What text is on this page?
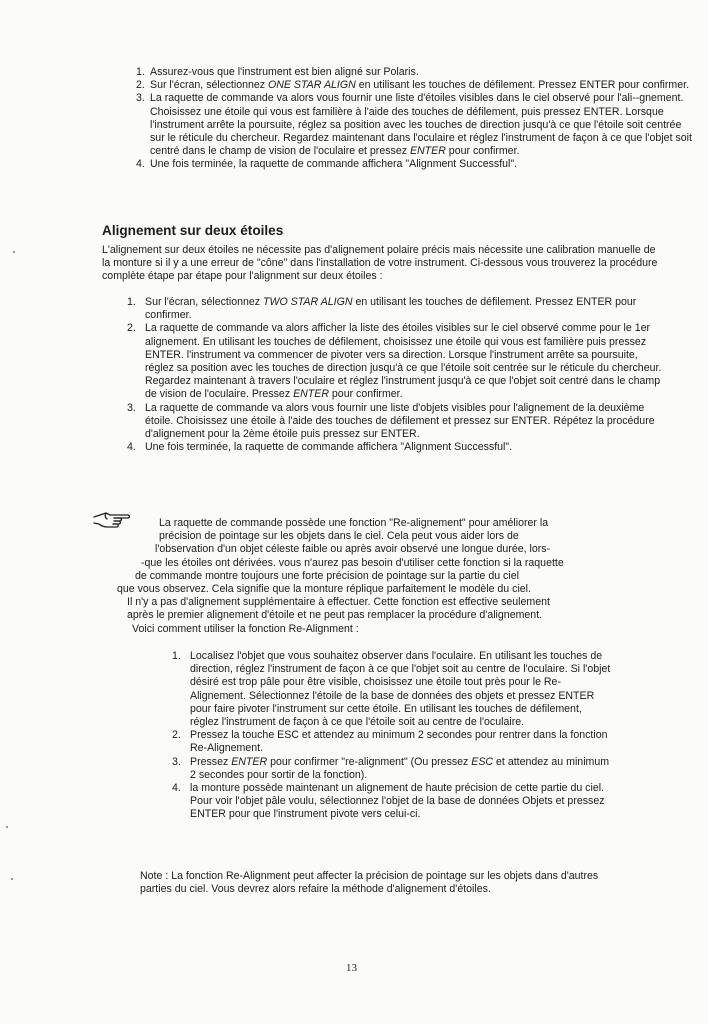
1. Assurez-vous que l'instrument est bien aligné sur Polaris.
2. Sur l'écran, sélectionnez ONE STAR ALIGN en utilisant les touches de défilement. Pressez ENTER pour confirmer.
3. La raquette de commande va alors vous fournir une liste d'étoiles visibles dans le ciel observé pour l'ali--gnement. Choisissez une étoile qui vous est familière à l'aide des touches de défilement, puis pressez ENTER. Lorsque l'instrument arrête la poursuite, réglez sa position avec les touches de direction jusqu'à ce que l'étoile soit centrée sur le réticule du chercheur. Regardez maintenant dans l'oculaire et réglez l'instrument de façon à ce que l'objet soit centré dans le champ de vision de l'oculaire et pressez ENTER pour confirmer.
4. Une fois terminée, la raquette de commande affichera "Alignment Successful".
Alignement sur deux étoiles

L'alignement sur deux étoiles ne nécessite pas d'alignement polaire précis mais nécessite une calibration manuelle de la monture si il y a une erreur de "cône" dans l'installation de votre instrument. Ci-dessous vous trouverez la procédure complète étape par étape pour l'alignment sur deux étoiles :

1. Sur l'écran, sélectionnez TWO STAR ALIGN en utilisant les touches de défilement. Pressez ENTER pour confirmer.
2. La raquette de commande va alors afficher la liste des étoiles visibles sur le ciel observé comme pour le 1er alignement. En utilisant les touches de défilement, choisissez une étoile qui vous est familière puis pressez ENTER. l'instrument va commencer de pivoter vers sa direction. Lorsque l'instrument arrête sa poursuite, réglez sa position avec les touches de direction jusqu'à ce que l'étoile soit centrée sur le réticule du chercheur. Regardez maintenant à travers l'oculaire et réglez l'instrument jusqu'à ce que l'objet soit centré dans le champ de vision de l'oculaire. Pressez ENTER pour confirmer.
3. La raquette de commande va alors vous fournir une liste d'objets visibles pour l'alignement de la deuxième étoile. Choisissez une étoile à l'aide des touches de défilement et pressez sur ENTER. Répétez la procédure d'alignement pour la 2ème étoile puis pressez sur ENTER.
4. Une fois terminée, la raquette de commande affichera "Alignment Successful".

La raquette de commande possède une fonction "Re-alignement" pour améliorer la

précision de pointage sur les objets dans le ciel. Cela peut vous aider lors de

l'observation d'un objet céleste faible ou après avoir observé une longue durée, lors-

-que les étoiles ont dérivées. vous n'aurez pas besoin d'utiliser cette fonction si la raquette

de commande montre toujours une forte précision de pointage sur la partie du ciel

que vous observez. Cela signifie que la monture réplique parfaitement le modèle du ciel.

Il n'y a pas d'alignement supplémentaire à effectuer. Cette fonction est effective seulement

après le premier alignement d'étoile et ne peut pas remplacer la procédure d'alignement.

Voici comment utiliser la fonction Re-Alignment :

1. Localisez l'objet que vous souhaitez observer dans l'oculaire. En utilisant les touches de direction, réglez l'instrument de façon à ce que l'objet soit au centre de l'oculaire. Si l'objet désiré est trop pâle pour être visible, choisissez une étoile tout près pour le Re-Alignement. Sélectionnez l'étoile de la base de données des objets et pressez ENTER pour faire pivoter l'instrument sur cette étoile. En utilisant les touches de défilement, réglez l'instrument de façon à ce que l'étoile soit au centre de l'oculaire.
2. Pressez la touche ESC et attendez au minimum 2 secondes pour rentrer dans la fonction Re-Alignement.
3. Pressez ENTER pour confirmer "re-alignment" (Ou pressez ESC et attendez au minimum 2 secondes pour sortir de la fonction).
4. la monture possède maintenant un alignement de haute précision de cette partie du ciel. Pour voir l'objet pâle voulu, sélectionnez l'objet de la base de données Objets et pressez ENTER pour que l'instrument pivote vers celui-ci.

Note : La fonction Re-Alignment peut affecter la précision de pointage sur les objets dans d'autres parties du ciel. Vous devrez alors refaire la méthode d'alignement d'étoiles.

13
